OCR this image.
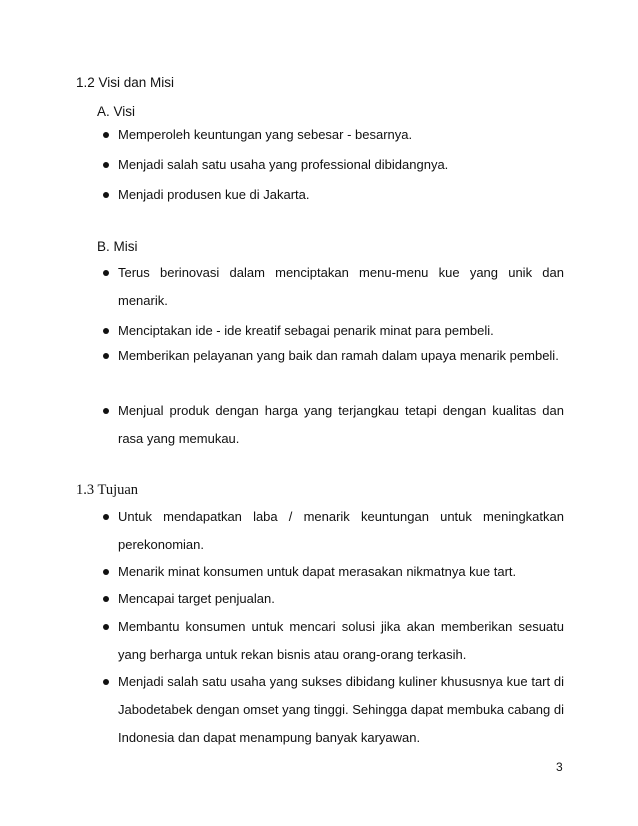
1.2 Visi dan Misi
A. Visi
Memperoleh keuntungan yang sebesar - besarnya.
Menjadi salah satu usaha yang professional dibidangnya.
Menjadi produsen kue di Jakarta.
B. Misi
Terus berinovasi dalam menciptakan menu-menu kue yang unik dan menarik.
Menciptakan ide - ide kreatif sebagai penarik minat para pembeli.
Memberikan pelayanan yang baik dan ramah dalam upaya menarik pembeli.
Menjual produk dengan harga yang terjangkau tetapi dengan kualitas dan rasa yang memukau.
1.3 Tujuan
Untuk mendapatkan laba / menarik keuntungan untuk meningkatkan perekonomian.
Menarik minat konsumen untuk dapat merasakan nikmatnya kue tart.
Mencapai target penjualan.
Membantu konsumen untuk mencari solusi jika akan memberikan sesuatu yang berharga untuk rekan bisnis atau orang-orang terkasih.
Menjadi salah satu usaha yang sukses dibidang kuliner khususnya kue tart di Jabodetabek dengan omset yang tinggi. Sehingga dapat membuka cabang di Indonesia dan dapat menampung banyak karyawan.
3
